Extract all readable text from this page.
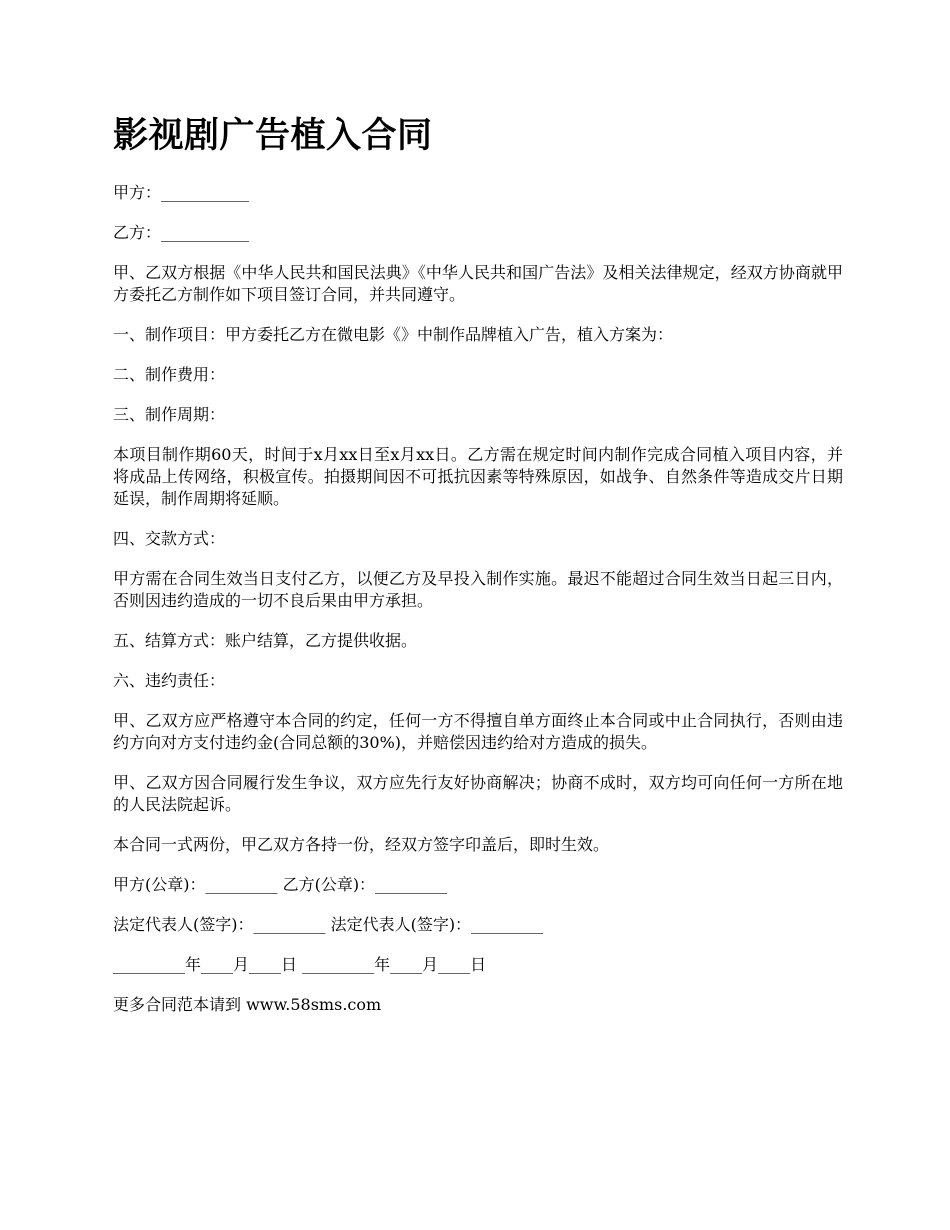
影视剧广告植入合同

甲方：___________

乙方：___________

甲、乙双方根据《中华人民共和国民法典》《中华人民共和国广告法》及相关法律规定，经双方协商就甲方委托乙方制作如下项目签订合同，并共同遵守。

一、制作项目：甲方委托乙方在微电影《》中制作品牌植入广告，植入方案为：

二、制作费用：

三、制作周期：

本项目制作期60天，时间于x月xx日至x月xx日。乙方需在规定时间内制作完成合同植入项目内容，并将成品上传网络，积极宣传。拍摄期间因不可抵抗因素等特殊原因，如战争、自然条件等造成交片日期延误，制作周期将延顺。

四、交款方式：

甲方需在合同生效当日支付乙方，以便乙方及早投入制作实施。最迟不能超过合同生效当日起三日内，否则因违约造成的一切不良后果由甲方承担。

五、结算方式：账户结算，乙方提供收据。

六、违约责任：

甲、乙双方应严格遵守本合同的约定，任何一方不得擅自单方面终止本合同或中止合同执行，否则由违约方向对方支付违约金(合同总额的30%)，并赔偿因违约给对方造成的损失。

甲、乙双方因合同履行发生争议，双方应先行友好协商解决；协商不成时，双方均可向任何一方所在地的人民法院起诉。

本合同一式两份，甲乙双方各持一份，经双方签字印盖后，即时生效。

甲方(公章)：_________ 乙方(公章)：_________

法定代表人(签字)：_________ 法定代表人(签字)：_________

_________年____月____日 _________年____月____日

更多合同范本请到 www.58sms.com
